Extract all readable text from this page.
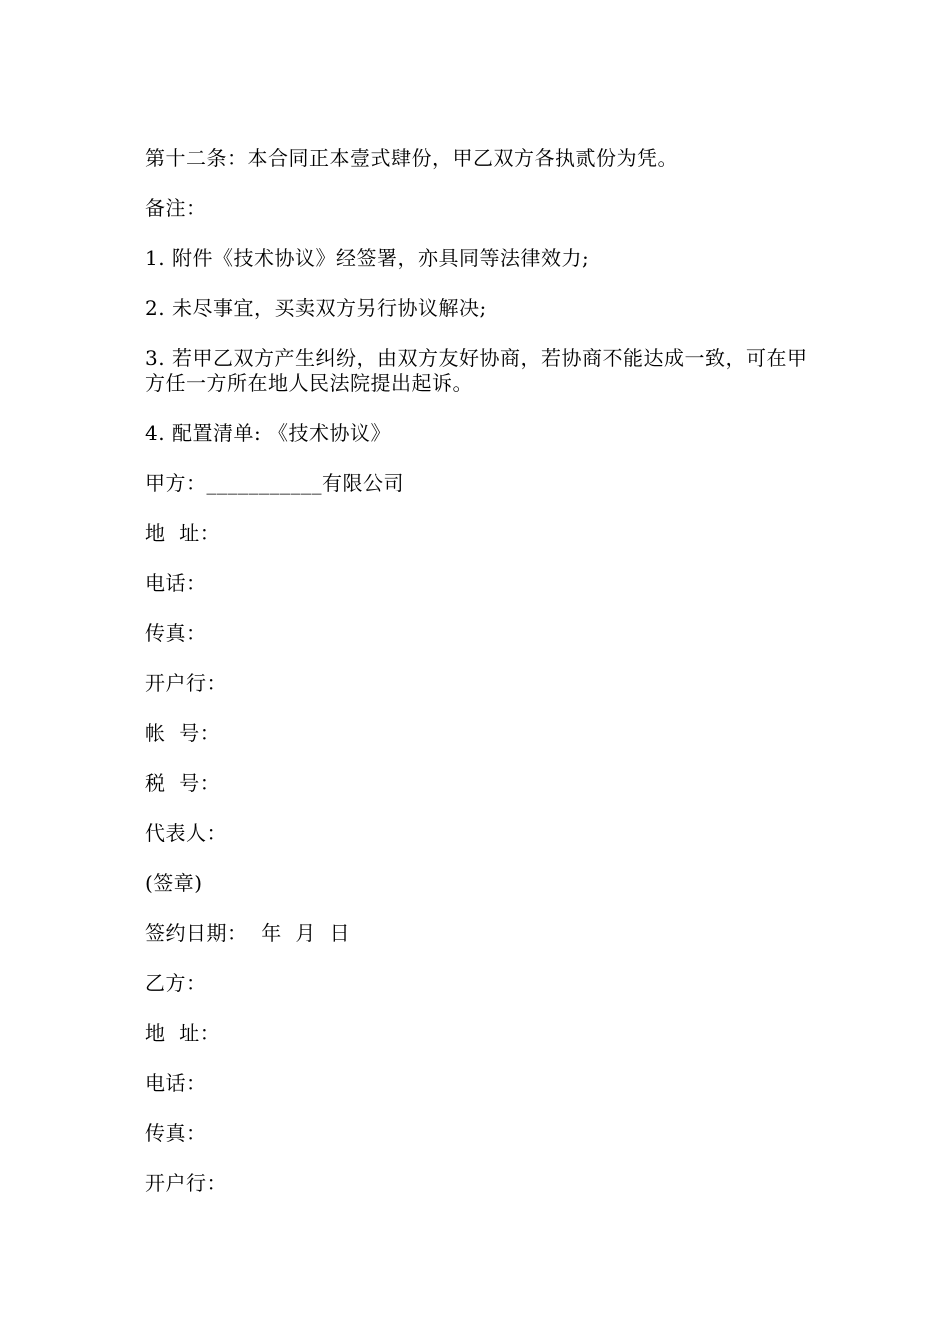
第十二条：本合同正本壹式肆份，甲乙双方各执贰份为凭。

备注：

1. 附件《技术协议》经签署，亦具同等法律效力;

2. 未尽事宜，买卖双方另行协议解决;

3. 若甲乙双方产生纠纷，由双方友好协商，若协商不能达成一致，可在甲方任一方所在地人民法院提出起诉。

4. 配置清单: 《技术协议》

甲方：___________有限公司

地  址：

电话：

传真：

开户行：

帐  号：

税  号：

代表人：

(签章)

签约日期：  年  月  日

乙方：

地  址：

电话：

传真：

开户行：
